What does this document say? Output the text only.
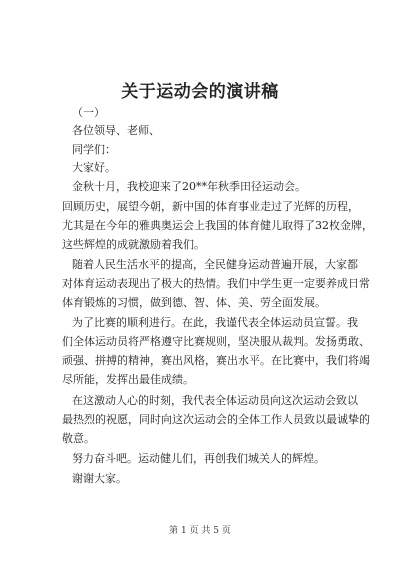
关于运动会的演讲稿
（一）
各位领导、老师、
同学们：
大家好。
金秋十月，我校迎来了20**年秋季田径运动会。
回顾历史，展望今朝，新中国的体育事业走过了光辉的历程，
尤其是在今年的雅典奥运会上我国的体育健儿取得了32枚金牌，
这些辉煌的成就激励着我们。
随着人民生活水平的提高，全民健身运动普遍开展，大家都
对体育运动表现出了极大的热情。我们中学生更一定要养成日常
体育锻炼的习惯，做到德、智、体、美、劳全面发展。
为了比赛的顺利进行。在此，我谨代表全体运动员宣誓。我
们全体运动员将严格遵守比赛规则，坚决服从裁判。发扬勇敢、
顽强、拼搏的精神，赛出风格，赛出水平。在比赛中，我们将竭
尽所能，发挥出最佳成绩。
在这激动人心的时刻，我代表全体运动员向这次运动会致以
最热烈的祝愿，同时向这次运动会的全体工作人员致以最诚挚的
敬意。
努力奋斗吧。运动健儿们，再创我们城关人的辉煌。
谢谢大家。
第 1 页 共 5 页
